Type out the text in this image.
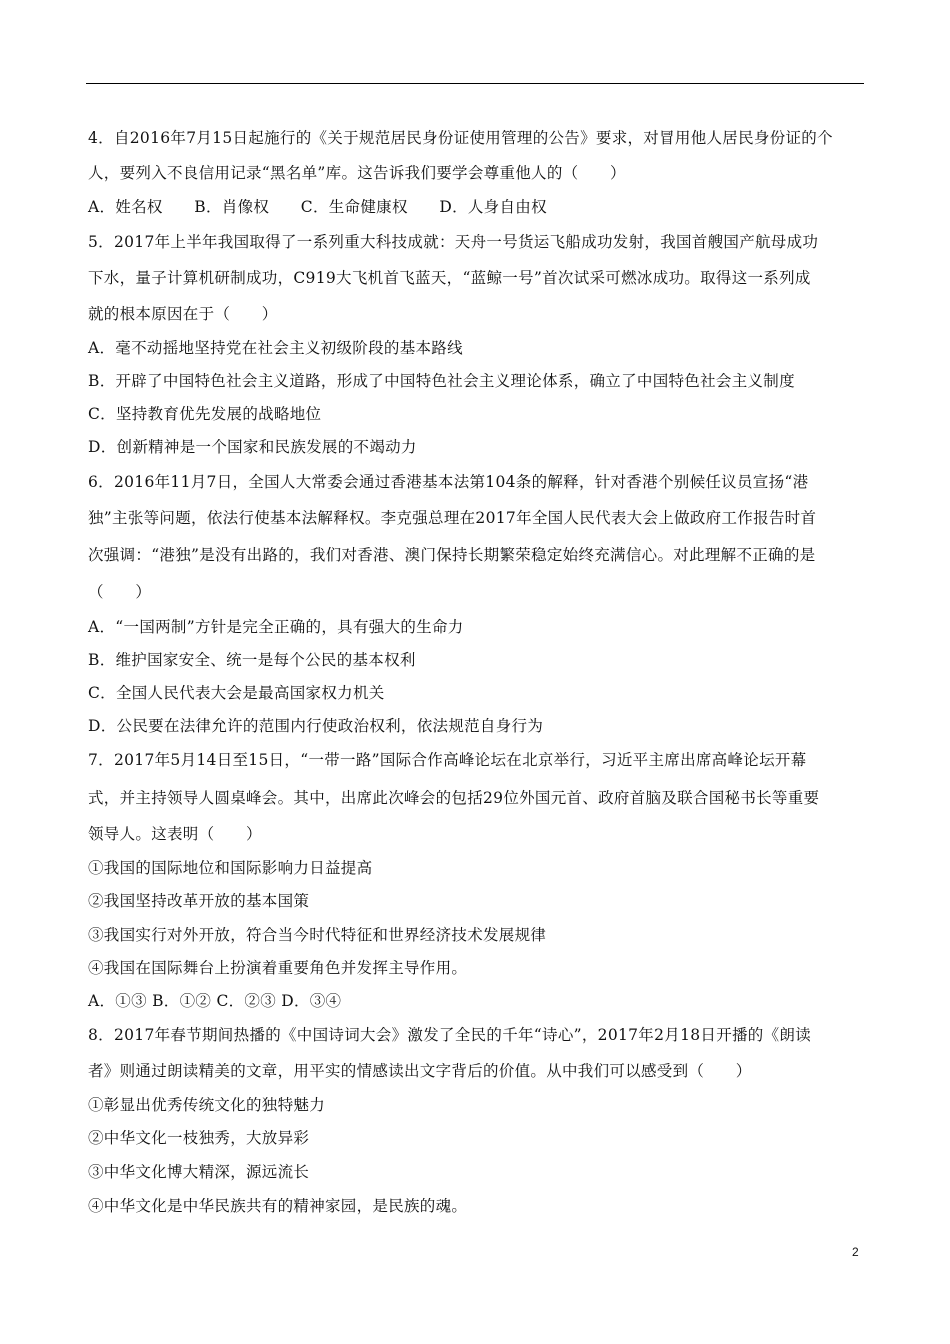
4．自2016年7月15日起施行的《关于规范居民身份证使用管理的公告》要求，对冒用他人居民身份证的个
人，要列入不良信用记录“黑名单”库。这告诉我们要学会尊重他人的（　　）
A．姓名权　　B．肖像权　　C．生命健康权　　D．人身自由权
5．2017年上半年我国取得了一系列重大科技成就：天舟一号货运飞船成功发射，我国首艘国产航母成功
下水，量子计算机研制成功，C919大飞机首飞蓝天，“蓝鲸一号”首次试采可燃冰成功。取得这一系列成
就的根本原因在于（　　）
A．毫不动摇地坚持党在社会主义初级阶段的基本路线
B．开辟了中国特色社会主义道路，形成了中国特色社会主义理论体系，确立了中国特色社会主义制度
C．坚持教育优先发展的战略地位
D．创新精神是一个国家和民族发展的不竭动力
6．2016年11月7日，全国人大常委会通过香港基本法第104条的解释，针对香港个别候任议员宣扬“港
独”主张等问题，依法行使基本法解释权。李克强总理在2017年全国人民代表大会上做政府工作报告时首
次强调：“港独”是没有出路的，我们对香港、澳门保持长期繁荣稳定始终充满信心。对此理解不正确的是
（　　）
A．“一国两制”方针是完全正确的，具有强大的生命力
B．维护国家安全、统一是每个公民的基本权利
C．全国人民代表大会是最高国家权力机关
D．公民要在法律允许的范围内行使政治权利，依法规范自身行为
7．2017年5月14日至15日，“一带一路”国际合作高峰论坛在北京举行，习近平主席出席高峰论坛开幕
式，并主持领导人圆桌峰会。其中，出席此次峰会的包括29位外国元首、政府首脑及联合国秘书长等重要
领导人。这表明（　　）
①我国的国际地位和国际影响力日益提高
②我国坚持改革开放的基本国策
③我国实行对外开放，符合当今时代特征和世界经济技术发展规律
④我国在国际舞台上扮演着重要角色并发挥主导作用。
A．①③ B．①② C．②③ D．③④
8．2017年春节期间热播的《中国诗词大会》激发了全民的千年“诗心”，2017年2月18日开播的《朗读
者》则通过朗读精美的文章，用平实的情感读出文字背后的价值。从中我们可以感受到（　　）
①彰显出优秀传统文化的独特魅力
②中华文化一枝独秀，大放异彩
③中华文化博大精深，源远流长
④中华文化是中华民族共有的精神家园，是民族的魂。
2
